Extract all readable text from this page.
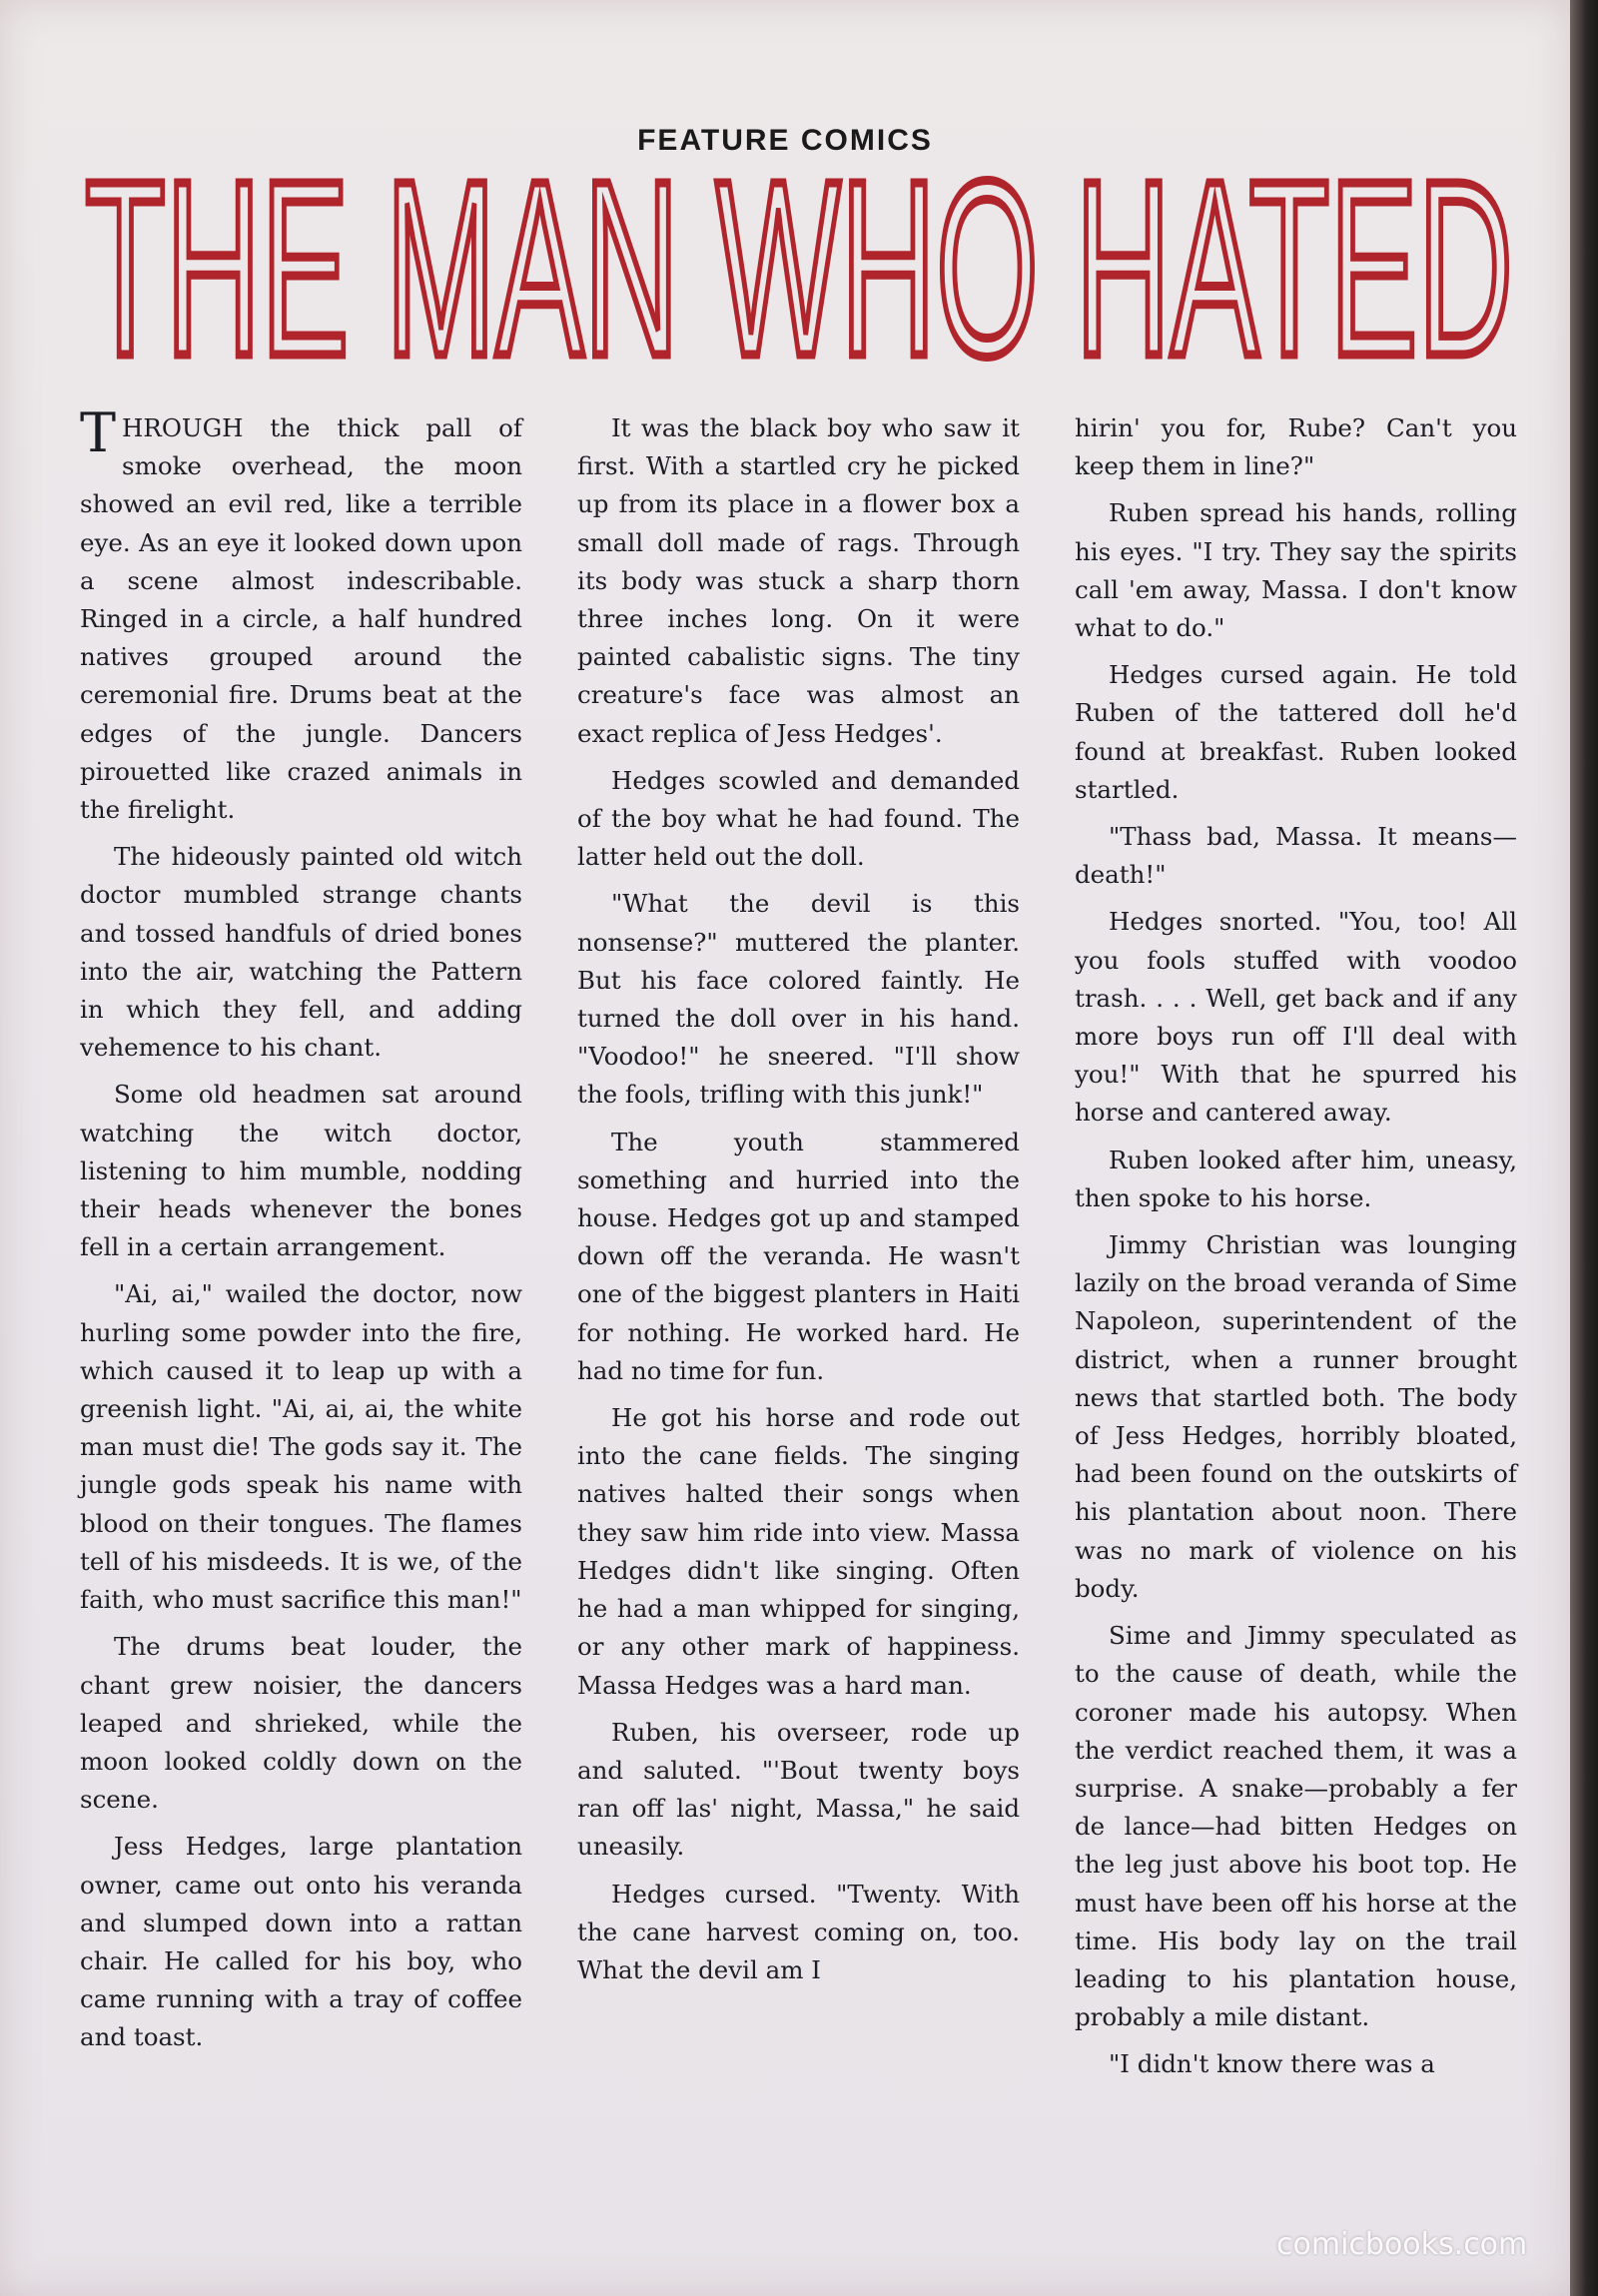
FEATURE COMICS
THE MAN WHO HATED

THROUGH the thick pall of smoke overhead, the moon showed an evil red, like a terrible eye. As an eye it looked down upon a scene almost indescribable. Ringed in a circle, a half hundred natives grouped around the ceremonial fire. Drums beat at the edges of the jungle. Dancers pirouetted like crazed animals in the firelight.

The hideously painted old witch doctor mumbled strange chants and tossed handfuls of dried bones into the air, watching the Pattern in which they fell, and adding vehemence to his chant.

Some old headmen sat around watching the witch doctor, listening to him mumble, nodding their heads whenever the bones fell in a certain arrangement.

"Ai, ai," wailed the doctor, now hurling some powder into the fire, which caused it to leap up with a greenish light. "Ai, ai, ai, the white man must die! The gods say it. The jungle gods speak his name with blood on their tongues. The flames tell of his misdeeds. It is we, of the faith, who must sacrifice this man!"

The drums beat louder, the chant grew noisier, the dancers leaped and shrieked, while the moon looked coldly down on the scene.

Jess Hedges, large plantation owner, came out onto his veranda and slumped down into a rattan chair. He called for his boy, who came running with a tray of coffee and toast.

It was the black boy who saw it first. With a startled cry he picked up from its place in a flower box a small doll made of rags. Through its body was stuck a sharp thorn three inches long. On it were painted cabalistic signs. The tiny creature's face was almost an exact replica of Jess Hedges'.

Hedges scowled and demanded of the boy what he had found. The latter held out the doll.

"What the devil is this nonsense?" muttered the planter. But his face colored faintly. He turned the doll over in his hand. "Voodoo!" he sneered. "I'll show the fools, trifling with this junk!"

The youth stammered something and hurried into the house. Hedges got up and stamped down off the veranda. He wasn't one of the biggest planters in Haiti for nothing. He worked hard. He had no time for fun.

He got his horse and rode out into the cane fields. The singing natives halted their songs when they saw him ride into view. Massa Hedges didn't like singing. Often he had a man whipped for singing, or any other mark of happiness. Massa Hedges was a hard man.

Ruben, his overseer, rode up and saluted. "'Bout twenty boys ran off las' night, Massa," he said uneasily.

Hedges cursed. "Twenty. With the cane harvest coming on, too. What the devil am I

hirin' you for, Rube? Can't you keep them in line?"

Ruben spread his hands, rolling his eyes. "I try. They say the spirits call 'em away, Massa. I don't know what to do."

Hedges cursed again. He told Ruben of the tattered doll he'd found at breakfast. Ruben looked startled.

"Thass bad, Massa. It means—death!"

Hedges snorted. "You, too! All you fools stuffed with voodoo trash. . . . Well, get back and if any more boys run off I'll deal with you!" With that he spurred his horse and cantered away.

Ruben looked after him, uneasy, then spoke to his horse.

Jimmy Christian was lounging lazily on the broad veranda of Sime Napoleon, superintendent of the district, when a runner brought news that startled both. The body of Jess Hedges, horribly bloated, had been found on the outskirts of his plantation about noon. There was no mark of violence on his body.

Sime and Jimmy speculated as to the cause of death, while the coroner made his autopsy. When the verdict reached them, it was a surprise. A snake—probably a fer de lance—had bitten Hedges on the leg just above his boot top. He must have been off his horse at the time. His body lay on the trail leading to his plantation house, probably a mile distant.

"I didn't know there was a

comicbooks.com
